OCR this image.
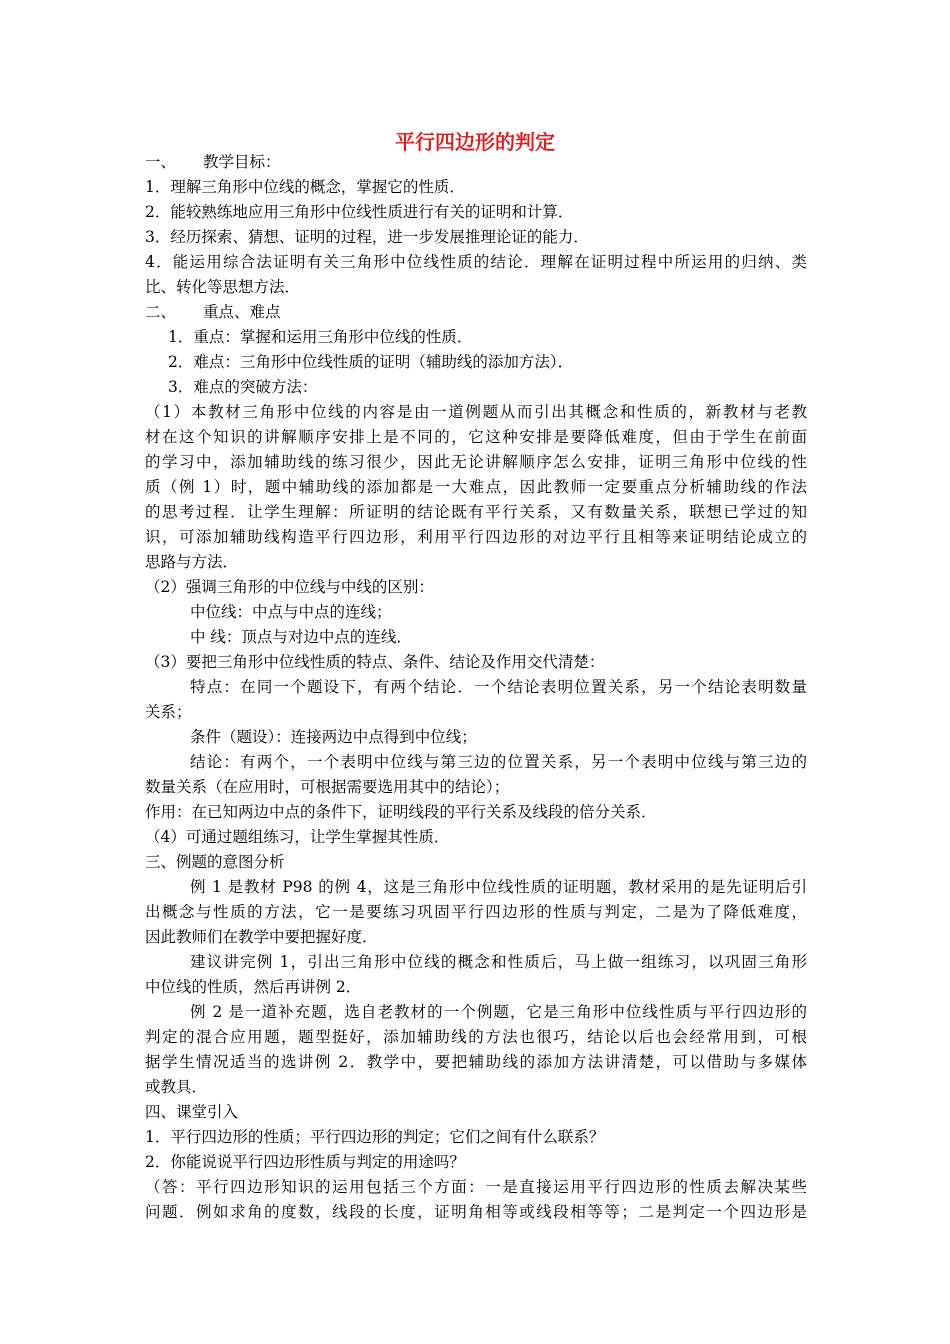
平行四边形的判定
一、 教学目标：
1．理解三角形中位线的概念，掌握它的性质．
2．能较熟练地应用三角形中位线性质进行有关的证明和计算．
3．经历探索、猜想、证明的过程，进一步发展推理论证的能力．
4．能运用综合法证明有关三角形中位线性质的结论．理解在证明过程中所运用的归纳、类
比、转化等思想方法．
二、 重点、难点
1．重点：掌握和运用三角形中位线的性质．
2．难点：三角形中位线性质的证明（辅助线的添加方法）．
3．难点的突破方法：
（1）本教材三角形中位线的内容是由一道例题从而引出其概念和性质的，新教材与老教
材在这个知识的讲解顺序安排上是不同的，它这种安排是要降低难度，但由于学生在前面
的学习中，添加辅助线的练习很少，因此无论讲解顺序怎么安排，证明三角形中位线的性
质（例 1）时，题中辅助线的添加都是一大难点，因此教师一定要重点分析辅助线的作法
的思考过程．让学生理解：所证明的结论既有平行关系，又有数量关系，联想已学过的知
识，可添加辅助线构造平行四边形，利用平行四边形的对边平行且相等来证明结论成立的
思路与方法．
（2）强调三角形的中位线与中线的区别：
中位线：中点与中点的连线；
中 线：顶点与对边中点的连线．
（3）要把三角形中位线性质的特点、条件、结论及作用交代清楚：
特点：在同一个题设下，有两个结论．一个结论表明位置关系，另一个结论表明数量
关系；
条件（题设）：连接两边中点得到中位线；
结论：有两个，一个表明中位线与第三边的位置关系，另一个表明中位线与第三边的
数量关系（在应用时，可根据需要选用其中的结论）；
作用：在已知两边中点的条件下，证明线段的平行关系及线段的倍分关系．
（4）可通过题组练习，让学生掌握其性质．
三、例题的意图分析
例 1 是教材 P98 的例 4，这是三角形中位线性质的证明题，教材采用的是先证明后引
出概念与性质的方法，它一是要练习巩固平行四边形的性质与判定，二是为了降低难度，
因此教师们在教学中要把握好度．
建议讲完例 1，引出三角形中位线的概念和性质后，马上做一组练习，以巩固三角形
中位线的性质，然后再讲例 2．
例 2 是一道补充题，选自老教材的一个例题，它是三角形中位线性质与平行四边形的
判定的混合应用题，题型挺好，添加辅助线的方法也很巧，结论以后也会经常用到，可根
据学生情况适当的选讲例 2．教学中，要把辅助线的添加方法讲清楚，可以借助与多媒体
或教具．
四、课堂引入
1．平行四边形的性质；平行四边形的判定；它们之间有什么联系？
2．你能说说平行四边形性质与判定的用途吗？
（答：平行四边形知识的运用包括三个方面：一是直接运用平行四边形的性质去解决某些
问题．例如求角的度数，线段的长度，证明角相等或线段相等等；二是判定一个四边形是
